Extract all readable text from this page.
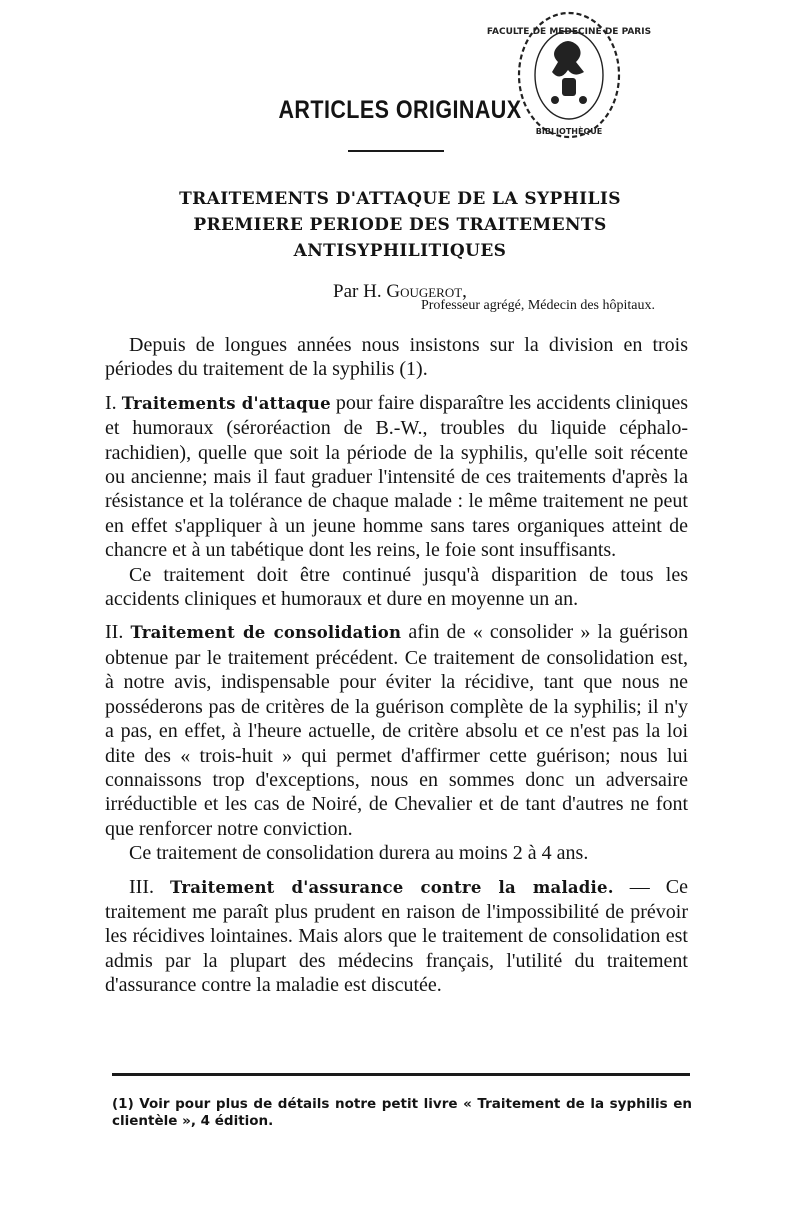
FACULTE DE MEDECINE DE PARIS
BIBLIOTHÈQUE
ARTICLES ORIGINAUX
TRAITEMENTS D'ATTAQUE DE LA SYPHILIS
PREMIERE PERIODE DES TRAITEMENTS
ANTISYPHILITIQUES
Par H. Gougerot,
Professeur agrégé, Médecin des hôpitaux.

Depuis de longues années nous insistons sur la division en trois périodes du traitement de la syphilis (1).

I. Traitements d'attaque pour faire disparaître les accidents cliniques et humoraux (séroréaction de B.-W., troubles du liquide céphalo-rachidien), quelle que soit la période de la syphilis, qu'elle soit récente ou ancienne; mais il faut graduer l'intensité de ces traitements d'après la résistance et la tolérance de chaque malade : le même traitement ne peut en effet s'appliquer à un jeune homme sans tares organiques atteint de chancre et à un tabétique dont les reins, le foie sont insuffisants.

Ce traitement doit être continué jusqu'à disparition de tous les accidents cliniques et humoraux et dure en moyenne un an.

II. Traitement de consolidation afin de « consolider » la guérison obtenue par le traitement précédent. Ce traitement de consolidation est, à notre avis, indispensable pour éviter la récidive, tant que nous ne posséderons pas de critères de la guérison complète de la syphilis; il n'y a pas, en effet, à l'heure actuelle, de critère absolu et ce n'est pas la loi dite des « trois-huit » qui permet d'affirmer cette guérison; nous lui connaissons trop d'exceptions, nous en sommes donc un adversaire irréductible et les cas de Noiré, de Chevalier et de tant d'autres ne font que renforcer notre conviction.

Ce traitement de consolidation durera au moins 2 à 4 ans.

III. Traitement d'assurance contre la maladie. — Ce traitement me paraît plus prudent en raison de l'impossibilité de prévoir les récidives lointaines. Mais alors que le traitement de consolidation est admis par la plupart des médecins français, l'utilité du traitement d'assurance contre la maladie est discutée.

(1) Voir pour plus de détails notre petit livre « Traitement de la syphilis en
clientèle », 4 édition.
